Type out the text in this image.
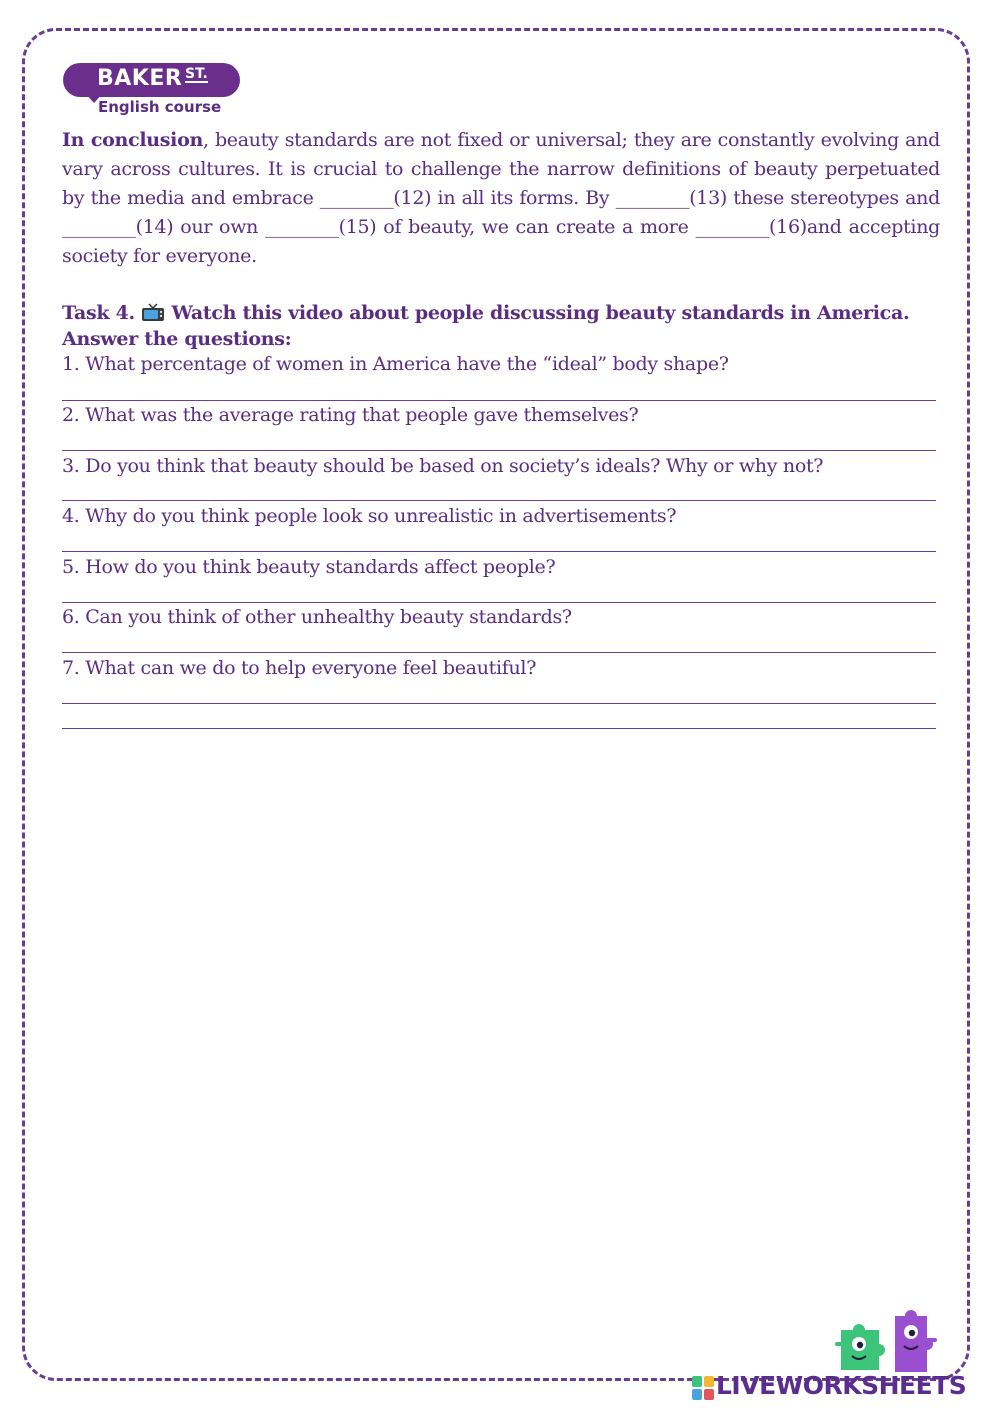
BAKER ST.
English course

In conclusion, beauty standards are not fixed or universal; they are constantly evolving and vary across cultures. It is crucial to challenge the narrow definitions of beauty perpetuated by the media and embrace ________(12) in all its forms. By ________(13) these stereotypes and ________(14) our own ________(15) of beauty, we can create a more ________(16)and accepting society for everyone.

Task 4. Watch this video about people discussing beauty standards in America.
Answer the questions:

1. What percentage of women in America have the “ideal” body shape?
2. What was the average rating that people gave themselves?
3. Do you think that beauty should be based on society’s ideals? Why or why not?
4. Why do you think people look so unrealistic in advertisements?
5. How do you think beauty standards affect people?
6. Can you think of other unhealthy beauty standards?
7. What can we do to help everyone feel beautiful?
LIVEWORKSHEETS
